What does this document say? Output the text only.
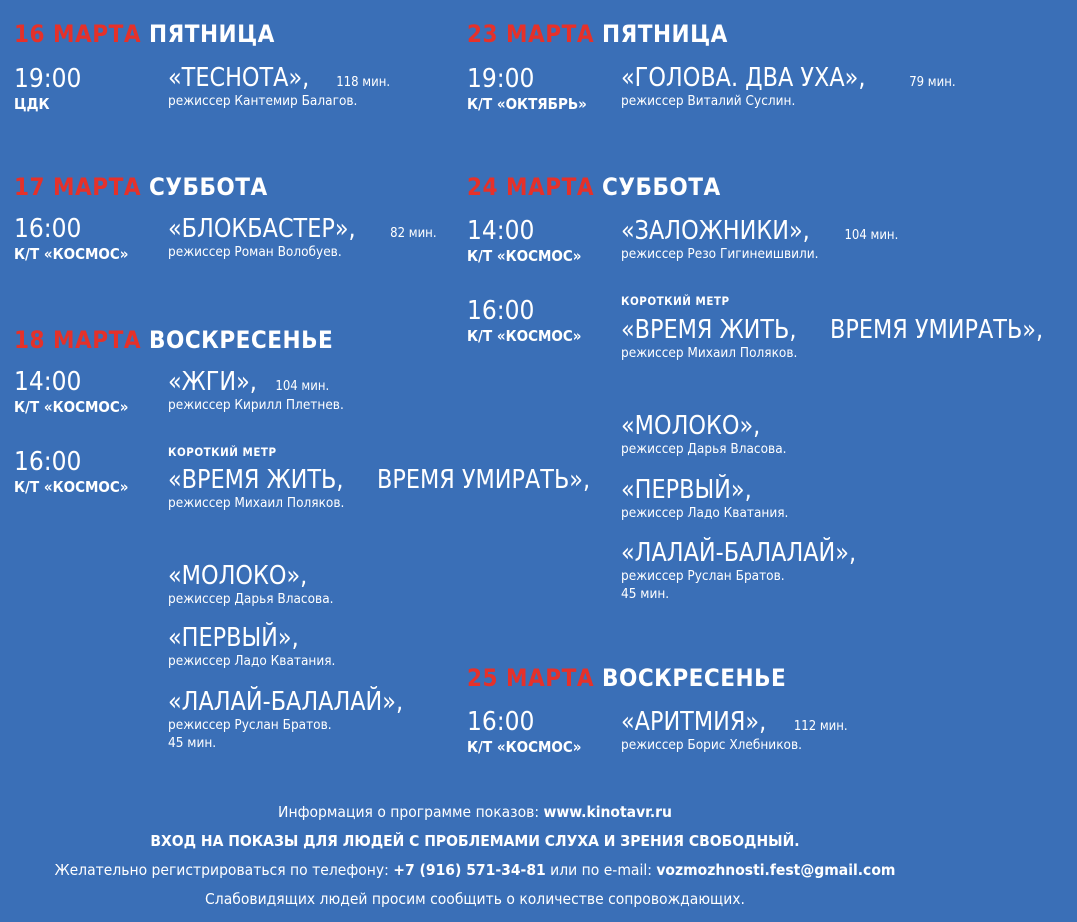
16 МАРТА ПЯТНИЦА
19:00
ЦДК
«ТЕСНОТА», 118 мин.
режиссер Кантемир Балагов.
17 МАРТА СУББОТА
16:00
К/Т «КОСМОС»
«БЛОКБАСТЕР»,	82 мин.
режиссер Роман Волобуев.
18 МАРТА ВОСКРЕСЕНЬЕ
14:00
К/Т «КОСМОС»
«ЖГИ», 104 мин.
режиссер Кирилл Плетнев.
16:00
К/Т «КОСМОС»
КОРОТКИЙ МЕТР
«ВРЕМЯ ЖИТЬ, ВРЕМЯ УМИРАТЬ»,
режиссер Михаил Поляков.
«МОЛОКО»,
режиссер Дарья Власова.
«ПЕРВЫЙ»,
режиссер Ладо Кватания.
«ЛАЛАЙ-БАЛАЛАЙ»,
режиссер Руслан Братов.
45 мин.
23 МАРТА ПЯТНИЦА
19:00
К/Т «ОКТЯБРЬ»
«ГОЛОВА. ДВА УХА»,	79 мин.
режиссер Виталий Суслин.
24 МАРТА СУББОТА
14:00
К/Т «КОСМОС»
«ЗАЛОЖНИКИ»,	104 мин.
режиссер Резо Гигинеишвили.
16:00
К/Т «КОСМОС»
КОРОТКИЙ МЕТР
«ВРЕМЯ ЖИТЬ, ВРЕМЯ УМИРАТЬ»,
режиссер Михаил Поляков.
«МОЛОКО»,
режиссер Дарья Власова.
«ПЕРВЫЙ»,
режиссер Ладо Кватания.
«ЛАЛАЙ-БАЛАЛАЙ»,
режиссер Руслан Братов.
45 мин.
25 МАРТА ВОСКРЕСЕНЬЕ
16:00
К/Т «КОСМОС»
«АРИТМИЯ», 112 мин.
режиссер Борис Хлебников.
Информация о программе показов: www.kinotavr.ru
ВХОД НА ПОКАЗЫ ДЛЯ ЛЮДЕЙ С ПРОБЛЕМАМИ СЛУХА И ЗРЕНИЯ СВОБОДНЫЙ.
Желательно регистрироваться по телефону: +7 (916) 571-34-81 или по e-mail: vozmozhnosti.fest@gmail.com
Слабовидящих людей просим сообщить о количестве сопровождающих.
